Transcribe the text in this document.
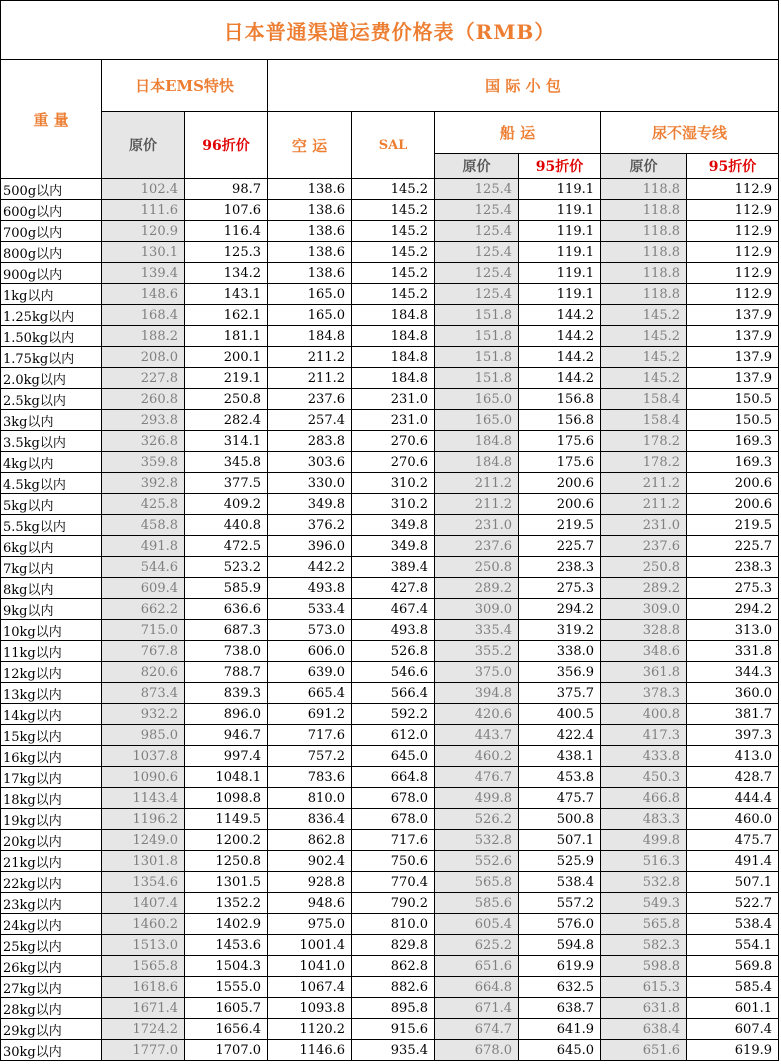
日本普通渠道运费价格表（RMB）								
重 量	日本EMS特快		国 际 小 包					
	原价	96折价	空 运	SAL	船 运		尿不湿专线	
					原价	95折价	原价	95折价
500g以内	102.4	98.7	138.6	145.2	125.4	119.1	118.8	112.9
600g以内	111.6	107.6	138.6	145.2	125.4	119.1	118.8	112.9
700g以内	120.9	116.4	138.6	145.2	125.4	119.1	118.8	112.9
800g以内	130.1	125.3	138.6	145.2	125.4	119.1	118.8	112.9
900g以内	139.4	134.2	138.6	145.2	125.4	119.1	118.8	112.9
1kg以内	148.6	143.1	165.0	145.2	125.4	119.1	118.8	112.9
1.25kg以内	168.4	162.1	165.0	184.8	151.8	144.2	145.2	137.9
1.50kg以内	188.2	181.1	184.8	184.8	151.8	144.2	145.2	137.9
1.75kg以内	208.0	200.1	211.2	184.8	151.8	144.2	145.2	137.9
2.0kg以内	227.8	219.1	211.2	184.8	151.8	144.2	145.2	137.9
2.5kg以内	260.8	250.8	237.6	231.0	165.0	156.8	158.4	150.5
3kg以内	293.8	282.4	257.4	231.0	165.0	156.8	158.4	150.5
3.5kg以内	326.8	314.1	283.8	270.6	184.8	175.6	178.2	169.3
4kg以内	359.8	345.8	303.6	270.6	184.8	175.6	178.2	169.3
4.5kg以内	392.8	377.5	330.0	310.2	211.2	200.6	211.2	200.6
5kg以内	425.8	409.2	349.8	310.2	211.2	200.6	211.2	200.6
5.5kg以内	458.8	440.8	376.2	349.8	231.0	219.5	231.0	219.5
6kg以内	491.8	472.5	396.0	349.8	237.6	225.7	237.6	225.7
7kg以内	544.6	523.2	442.2	389.4	250.8	238.3	250.8	238.3
8kg以内	609.4	585.9	493.8	427.8	289.2	275.3	289.2	275.3
9kg以内	662.2	636.6	533.4	467.4	309.0	294.2	309.0	294.2
10kg以内	715.0	687.3	573.0	493.8	335.4	319.2	328.8	313.0
11kg以内	767.8	738.0	606.0	526.8	355.2	338.0	348.6	331.8
12kg以内	820.6	788.7	639.0	546.6	375.0	356.9	361.8	344.3
13kg以内	873.4	839.3	665.4	566.4	394.8	375.7	378.3	360.0
14kg以内	932.2	896.0	691.2	592.2	420.6	400.5	400.8	381.7
15kg以内	985.0	946.7	717.6	612.0	443.7	422.4	417.3	397.3
16kg以内	1037.8	997.4	757.2	645.0	460.2	438.1	433.8	413.0
17kg以内	1090.6	1048.1	783.6	664.8	476.7	453.8	450.3	428.7
18kg以内	1143.4	1098.8	810.0	678.0	499.8	475.7	466.8	444.4
19kg以内	1196.2	1149.5	836.4	678.0	526.2	500.8	483.3	460.0
20kg以内	1249.0	1200.2	862.8	717.6	532.8	507.1	499.8	475.7
21kg以内	1301.8	1250.8	902.4	750.6	552.6	525.9	516.3	491.4
22kg以内	1354.6	1301.5	928.8	770.4	565.8	538.4	532.8	507.1
23kg以内	1407.4	1352.2	948.6	790.2	585.6	557.2	549.3	522.7
24kg以内	1460.2	1402.9	975.0	810.0	605.4	576.0	565.8	538.4
25kg以内	1513.0	1453.6	1001.4	829.8	625.2	594.8	582.3	554.1
26kg以内	1565.8	1504.3	1041.0	862.8	651.6	619.9	598.8	569.8
27kg以内	1618.6	1555.0	1067.4	882.6	664.8	632.5	615.3	585.4
28kg以内	1671.4	1605.7	1093.8	895.8	671.4	638.7	631.8	601.1
29kg以内	1724.2	1656.4	1120.2	915.6	674.7	641.9	638.4	607.4
30kg以内	1777.0	1707.0	1146.6	935.4	678.0	645.0	651.6	619.9
